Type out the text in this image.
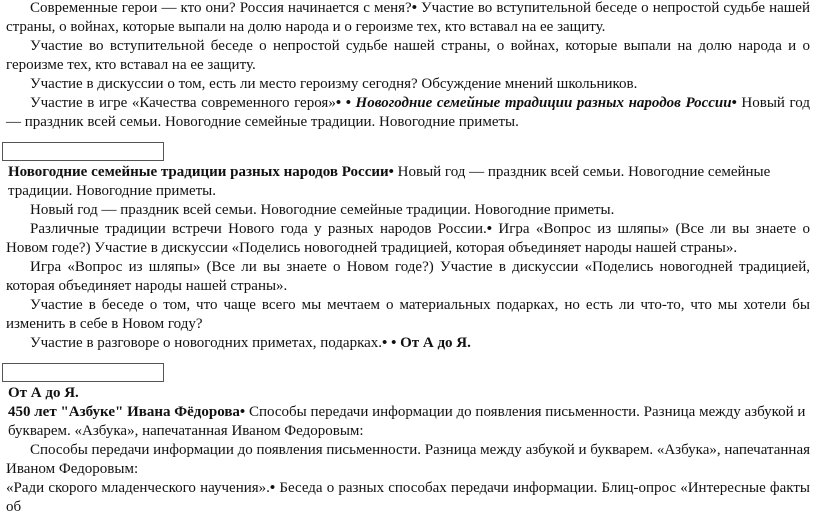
Современные герои — кто они? Россия начинается с меня?• Участие во вступительной беседе о непростой судьбе нашей страны, о войнах, которые выпали на долю народа и о героизме тех, кто вставал на ее защиту.

Участие во вступительной беседе о непростой судьбе нашей страны, о войнах, которые выпали на долю народа и о героизме тех, кто вставал на ее защиту.

Участие в дискуссии о том, есть ли место героизму сегодня? Обсуждение мнений школьников.

Участие в игре «Качества современного героя»• • Новогодние семейные традиции разных народов России• Новый год — праздник всей семьи. Новогодние семейные традиции. Новогодние приметы.

Новогодние семейные традиции разных народов России• Новый год — праздник всей семьи. Новогодние семейные традиции. Новогодние приметы.

Новый год — праздник всей семьи. Новогодние семейные традиции. Новогодние приметы.

Различные традиции встречи Нового года у разных народов России.• Игра «Вопрос из шляпы» (Все ли вы знаете о Новом годе?) Участие в дискуссии «Поделись новогодней традицией, которая объединяет народы нашей страны».

Игра «Вопрос из шляпы» (Все ли вы знаете о Новом годе?) Участие в дискуссии «Поделись новогодней традицией, которая объединяет народы нашей страны».

Участие в беседе о том, что чаще всего мы мечтаем о материальных подарках, но есть ли что-то, что мы хотели бы изменить в себе в Новом году?

Участие в разговоре о новогодних приметах, подарках.• • От А до Я.

От А до Я.

450 лет "Азбуке" Ивана Фёдорова• Способы передачи информации до появления письменности. Разница между азбукой и букварем. «Азбука», напечатанная Иваном Федоровым:

Способы передачи информации до появления письменности. Разница между азбукой и букварем. «Азбука», напечатанная Иваном Федоровым:

«Ради скорого младенческого научения».• Беседа о разных способах передачи информации. Блиц-опрос «Интересные факты об
